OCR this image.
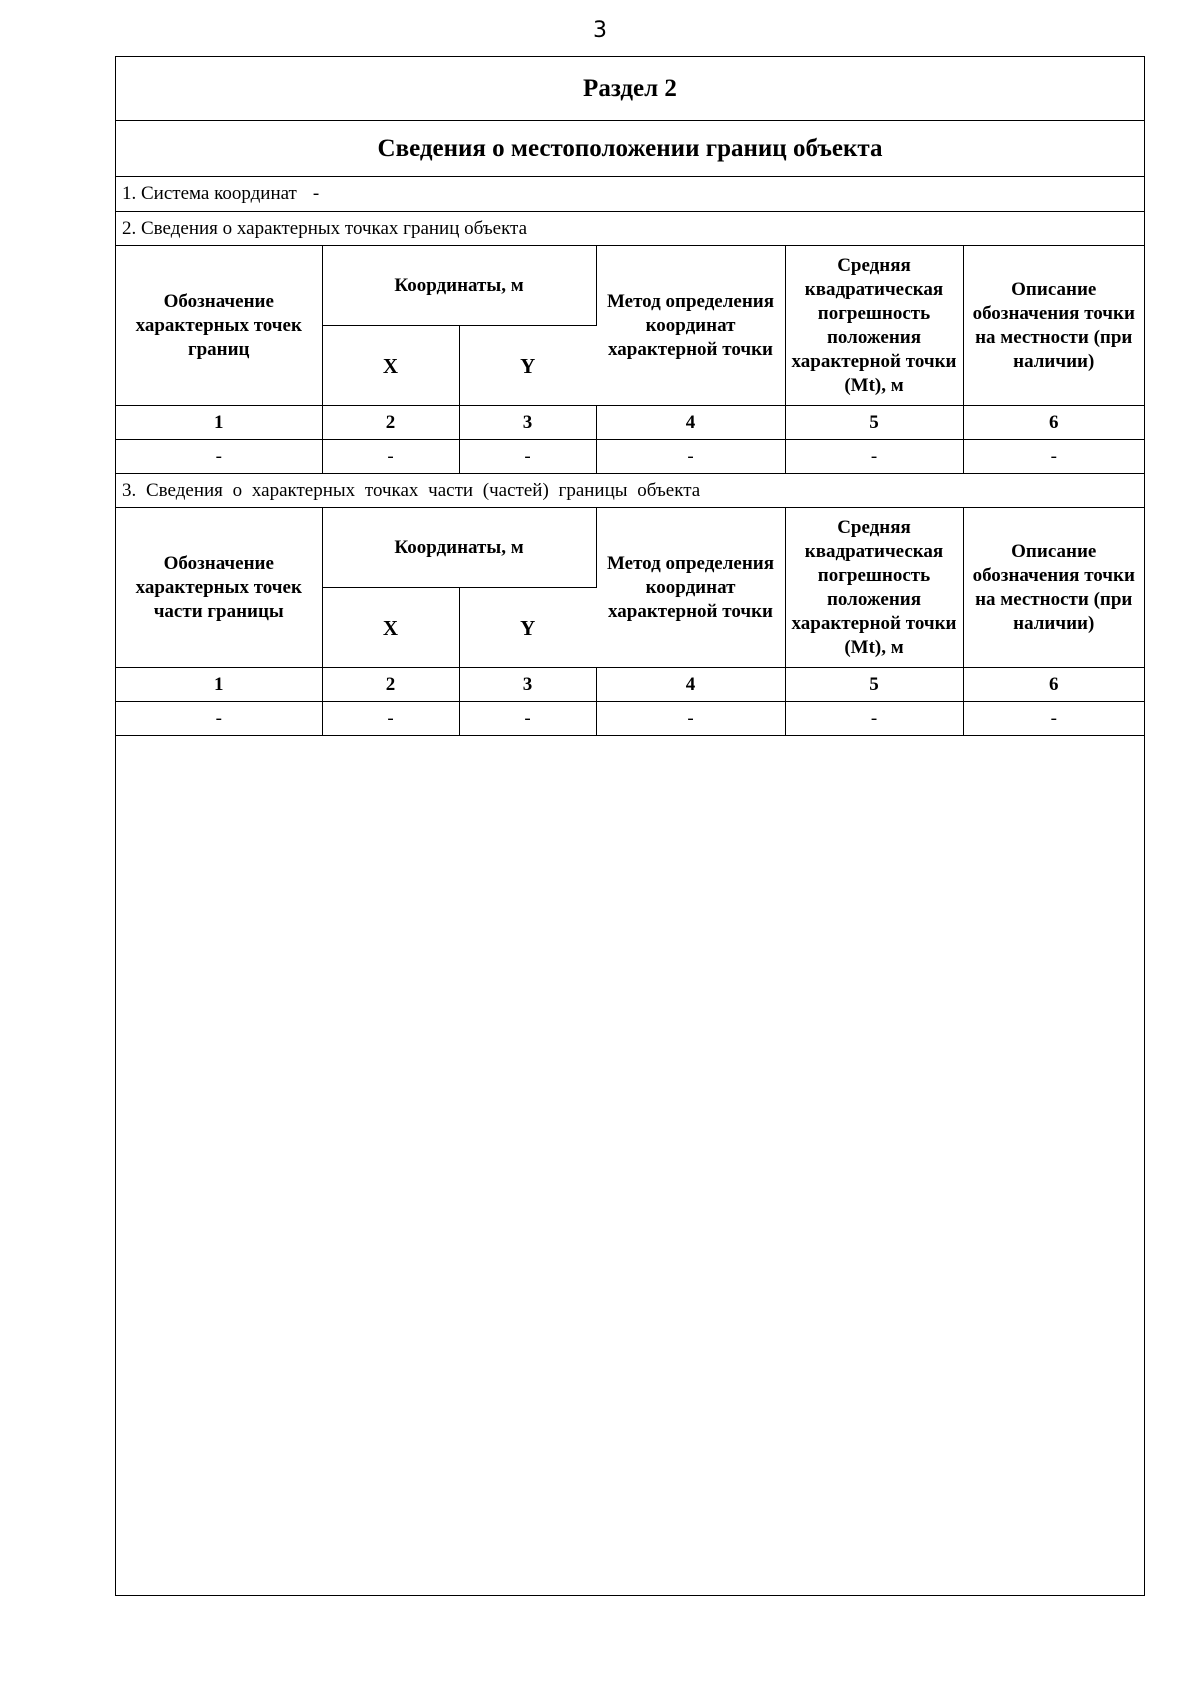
3
Раздел 2
Сведения о местоположении границ объекта
1. Система координат -
2. Сведения о характерных точках границ объекта
Обозначение характерных точек границ	Координаты, м		Метод определения координат характерной точки	Средняя квадратическая погрешность положения характерной точки (Mt), м	Описание обозначения точки на местности (при наличии)
	X	Y			
1	2	3	4	5	6
-	-	-	-	-	-
3. Сведения о характерных точках части (частей) границы объекта
Обозначение характерных точек части границы	Координаты, м		Метод определения координат характерной точки	Средняя квадратическая погрешность положения характерной точки (Mt), м	Описание обозначения точки на местности (при наличии)
	X	Y			
1	2	3	4	5	6
-	-	-	-	-	-
